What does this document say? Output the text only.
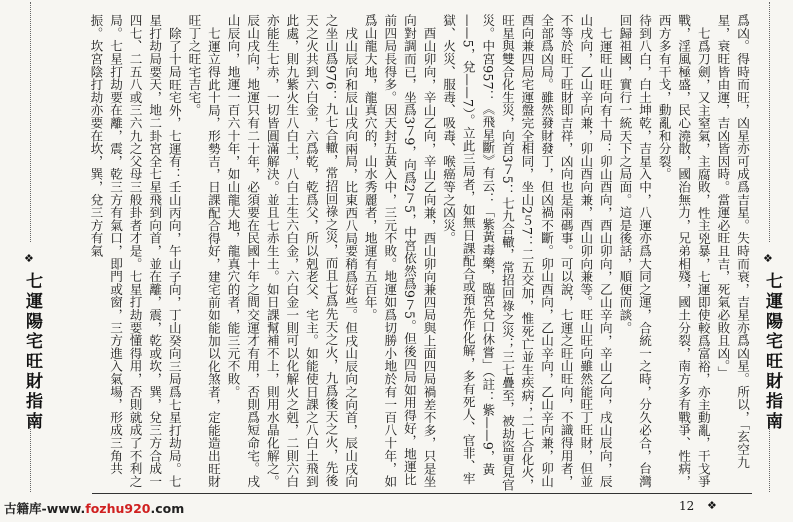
❖
七運陽宅旺財指南
❖
七運陽宅旺財指南

爲凶。得時而旺，凶星亦可成爲吉星。失時而衰，吉星亦爲凶星。所以，「玄空九星，衰旺皆由運，吉凶皆因時。當運必旺且吉，死氣必敗且凶。」

七爲刀劍，又主窒氣，主腐敗，性主兇暴，七運即使較爲富裕，亦主動亂，干戈爭戰，淫風極盛，民心澆散，國治無力，兄弟相殘，國土分裂，南方多有戰爭、性病，西方多有干戈，動亂和分裂。

待到八白，白土坤乾，吉星入中，八運亦爲大同之運，合統一之時，分久必合，台灣回歸祖國，實行一統天下之局面。這是後話，順便而談。

七運旺山旺向有十局：卯山酉向，酉山卯向，乙山辛向，辛山乙向，戌山辰向，辰山戌向，乙山辛向兼，卯山酉向兼，酉山卯向兼等。旺山旺向雖然能旺丁旺財，但並不等於旺丁旺財即吉祥，凶向也是兩碼事。可以說，七運之旺山旺向，不識得用者，全部爲凶局。雖然發財發丁，但凶禍不斷。卯山酉向，乙山辛向，乙山辛向兼，卯山酉向兼四局宅運盤完全相同，坐山2５7：二五交加，惟死亡並生疾病；二七合化火，旺星與雙合化生災，向首3７5：七九合轍，常招回祿之災；三七疊至，被劫盜更見官災。中宮957：《飛星斷》有云：「紫黃毒藥，臨宮兌口休嘗」（註：紫——9，黃——5，兌——7）。立此三局者，如無日課配合或預先作化解，多有死人、官非、牢獄、火災、服毒、吸毒、喉癌等之凶災。

酉山卯向，辛山乙向，辛山乙向兼，酉山卯向兼四局與上面四局禍差不多，只是坐向對調而已，坐爲3７9，向爲2７5，中宮依然爲9７5。但後四局如用得好，地運比前四局長得多。因天封五黃入中，三元不敗。地運如爲切勝小地於有一百八十年，如爲山龍大地，龍真穴的，山水秀麗者，地運有五百年。

戌山辰向和辰山戌向兩局，比東西八局要稍爲好些。但戌山辰向之向首，辰山戌向之坐山爲976：九七合轍，常招回祿之災，而且七爲先天之火，九爲後天之火，先後天之火共到六白金，六爲乾，乾爲父，所以剋老父、宅主。如能使日課之八白土飛到此處，則九紫火生八白土，八白土生六白金，六白金一則可以化解火之剋，二則六白亦能生七赤，一切皆圓滿解決。並且七赤生土。如日課幫補不上，則用水晶化解之。辰山戌向，地運只有二十年，必須要在民國十年之間交運才有用，否則爲短命宅。戌山辰向，地運一百六十年，如山龍大地，龍真穴的者，能三元不敗。

七運立得此十局，形勢吉，日課配合得好，建宅前如能加以化煞者，定能造出旺財旺丁之旺宅吉宅。

除了十局旺宅外，七運有：壬山丙向，午山子向，丁山癸向三局爲七星打劫局。七星打劫局要天，地二卦宮全七星飛到向首，並在離，震，乾或坎，巽，兌三方合成一四七、二五八或三六九之父母三般卦者才是。七星打劫要懂得用，否則就成了不利之局。七星打劫要在離，震，乾三方有氣口，即門或窗，三方進入氣場，形成三角共振。坎宮陰打劫亦要在坎，巽，兌三方有氣

古籍库-www.fozhu920.com	12 ❖
